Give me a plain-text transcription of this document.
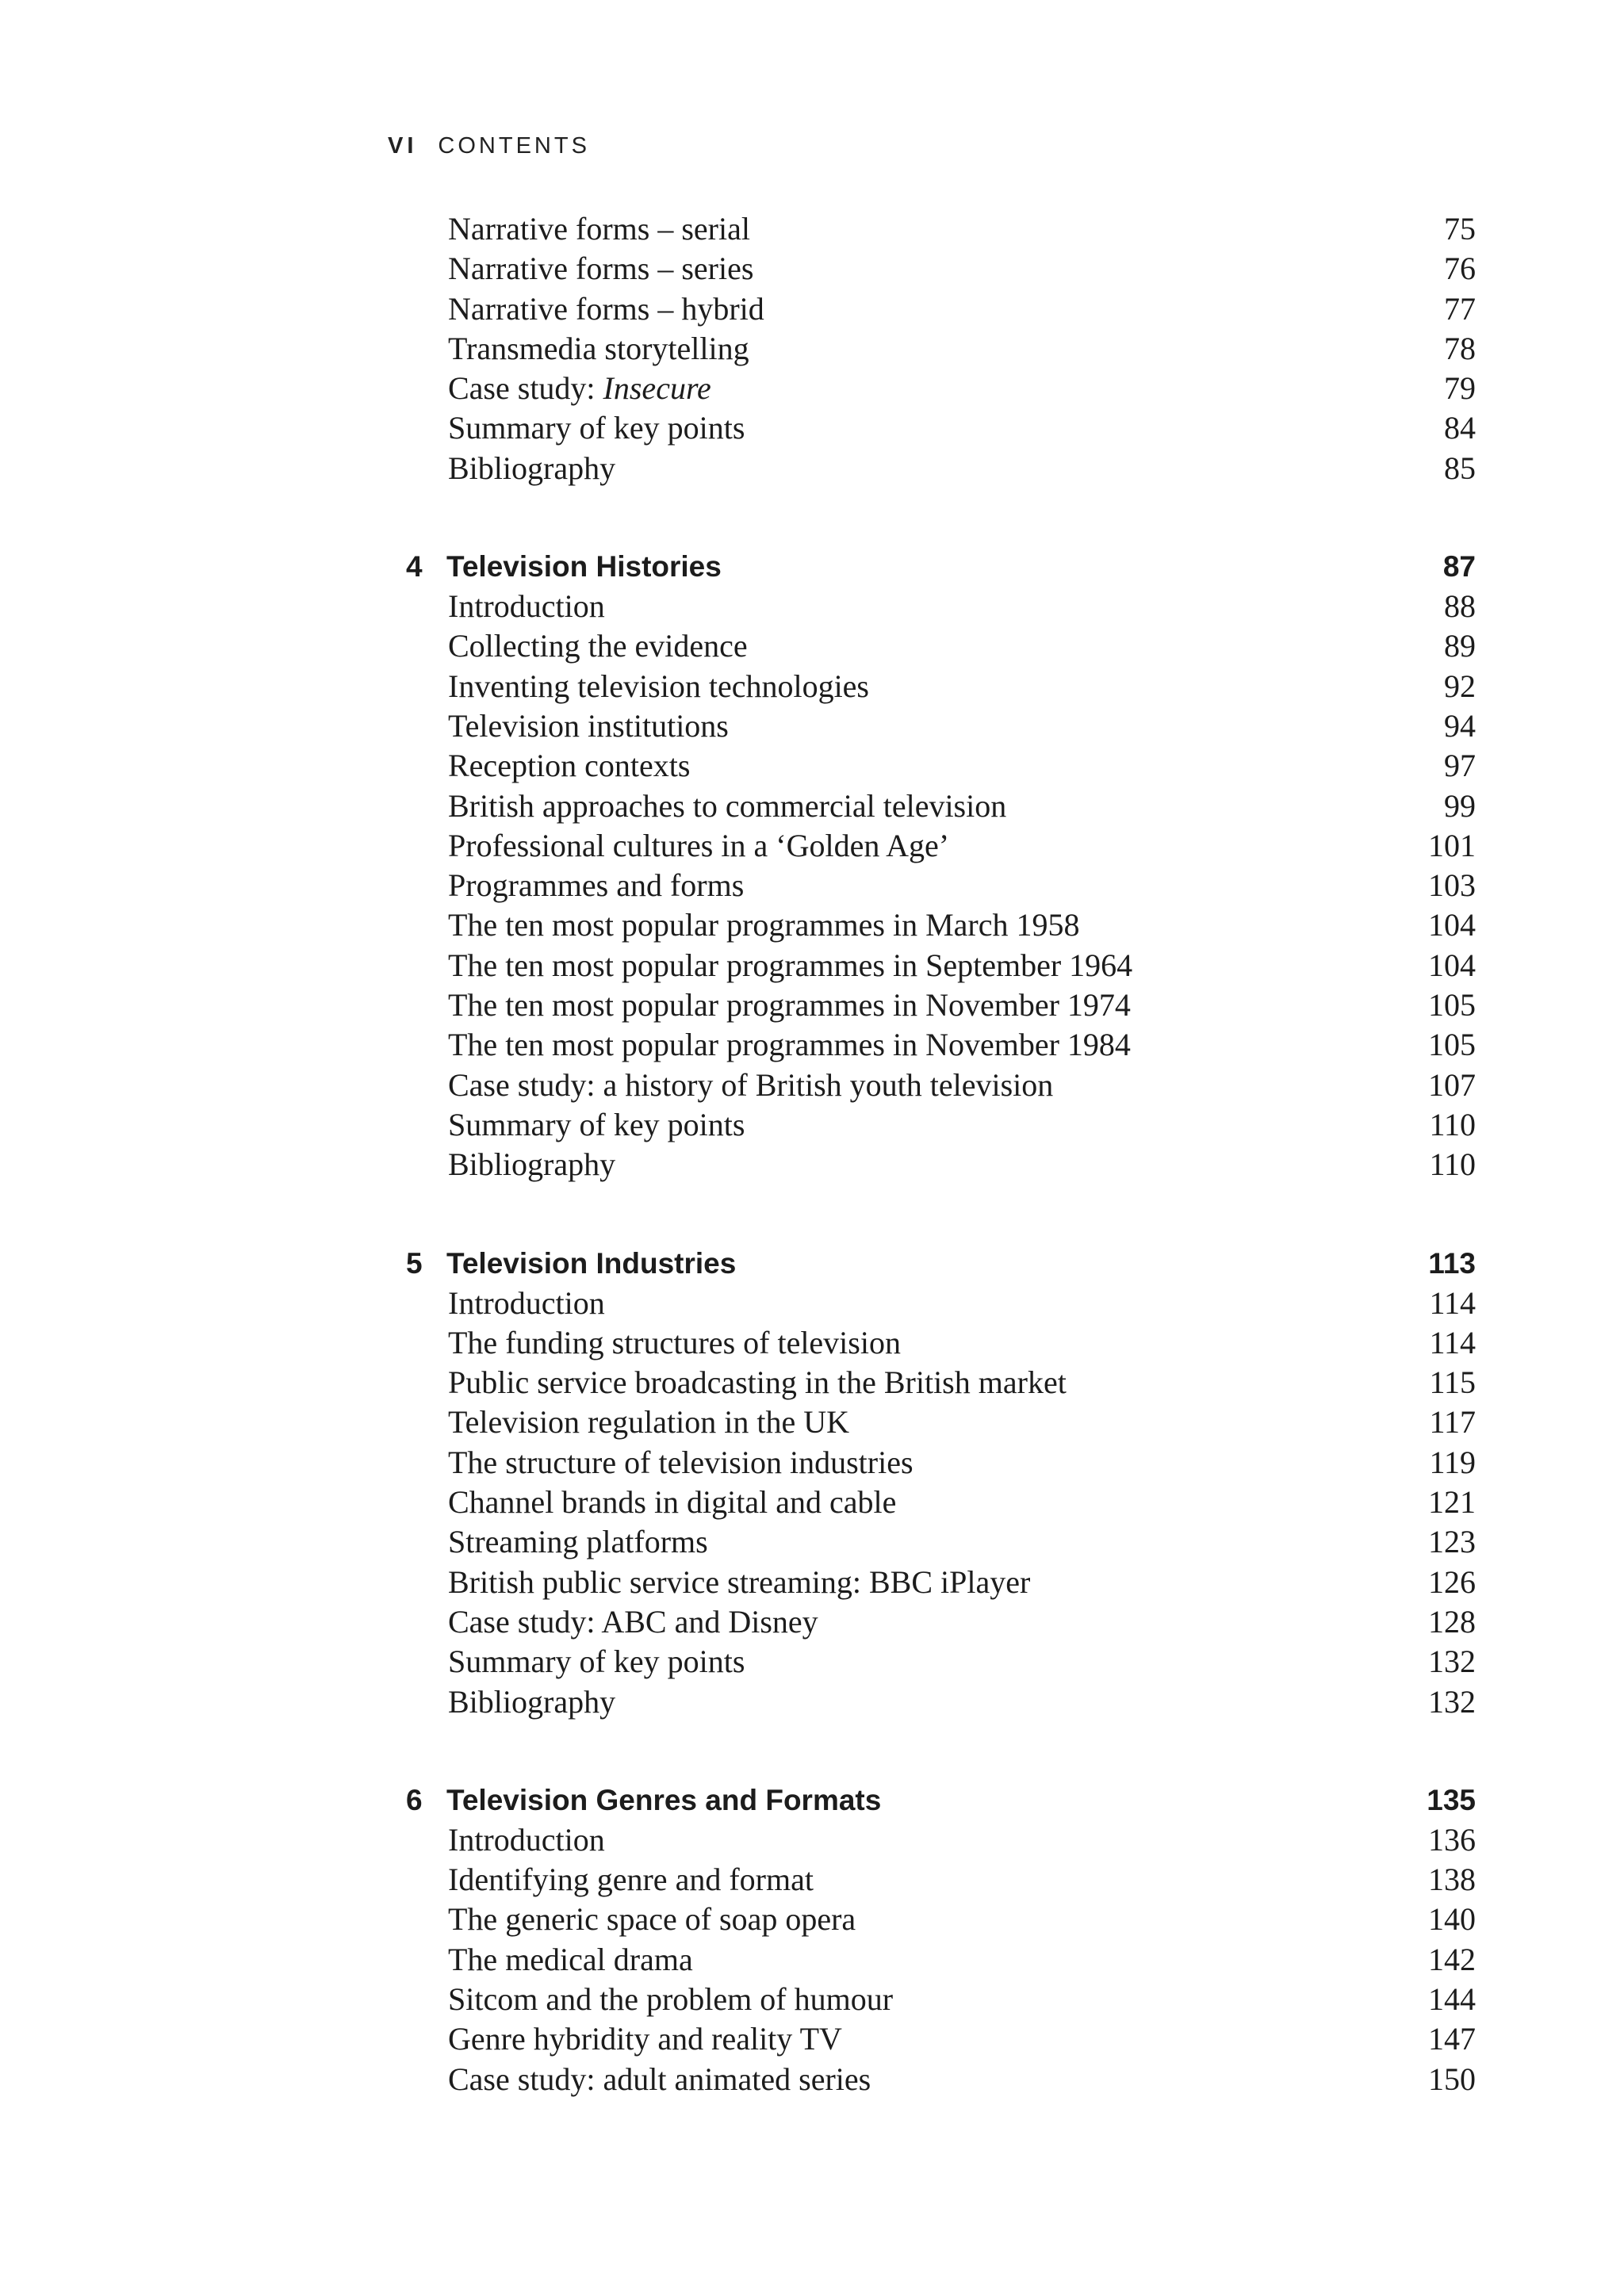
VI CONTENTS
Narrative forms – serial	75
Narrative forms – series	76
Narrative forms – hybrid	77
Transmedia storytelling	78
Case study: Insecure	79
Summary of key points	84
Bibliography	85
4 Television Histories	87
Introduction	88
Collecting the evidence	89
Inventing television technologies	92
Television institutions	94
Reception contexts	97
British approaches to commercial television	99
Professional cultures in a ‘Golden Age’	101
Programmes and forms	103
The ten most popular programmes in March 1958	104
The ten most popular programmes in September 1964	104
The ten most popular programmes in November 1974	105
The ten most popular programmes in November 1984	105
Case study: a history of British youth television	107
Summary of key points	110
Bibliography	110
5 Television Industries	113
Introduction	114
The funding structures of television	114
Public service broadcasting in the British market	115
Television regulation in the UK	117
The structure of television industries	119
Channel brands in digital and cable	121
Streaming platforms	123
British public service streaming: BBC iPlayer	126
Case study: ABC and Disney	128
Summary of key points	132
Bibliography	132
6 Television Genres and Formats	135
Introduction	136
Identifying genre and format	138
The generic space of soap opera	140
The medical drama	142
Sitcom and the problem of humour	144
Genre hybridity and reality TV	147
Case study: adult animated series	150
